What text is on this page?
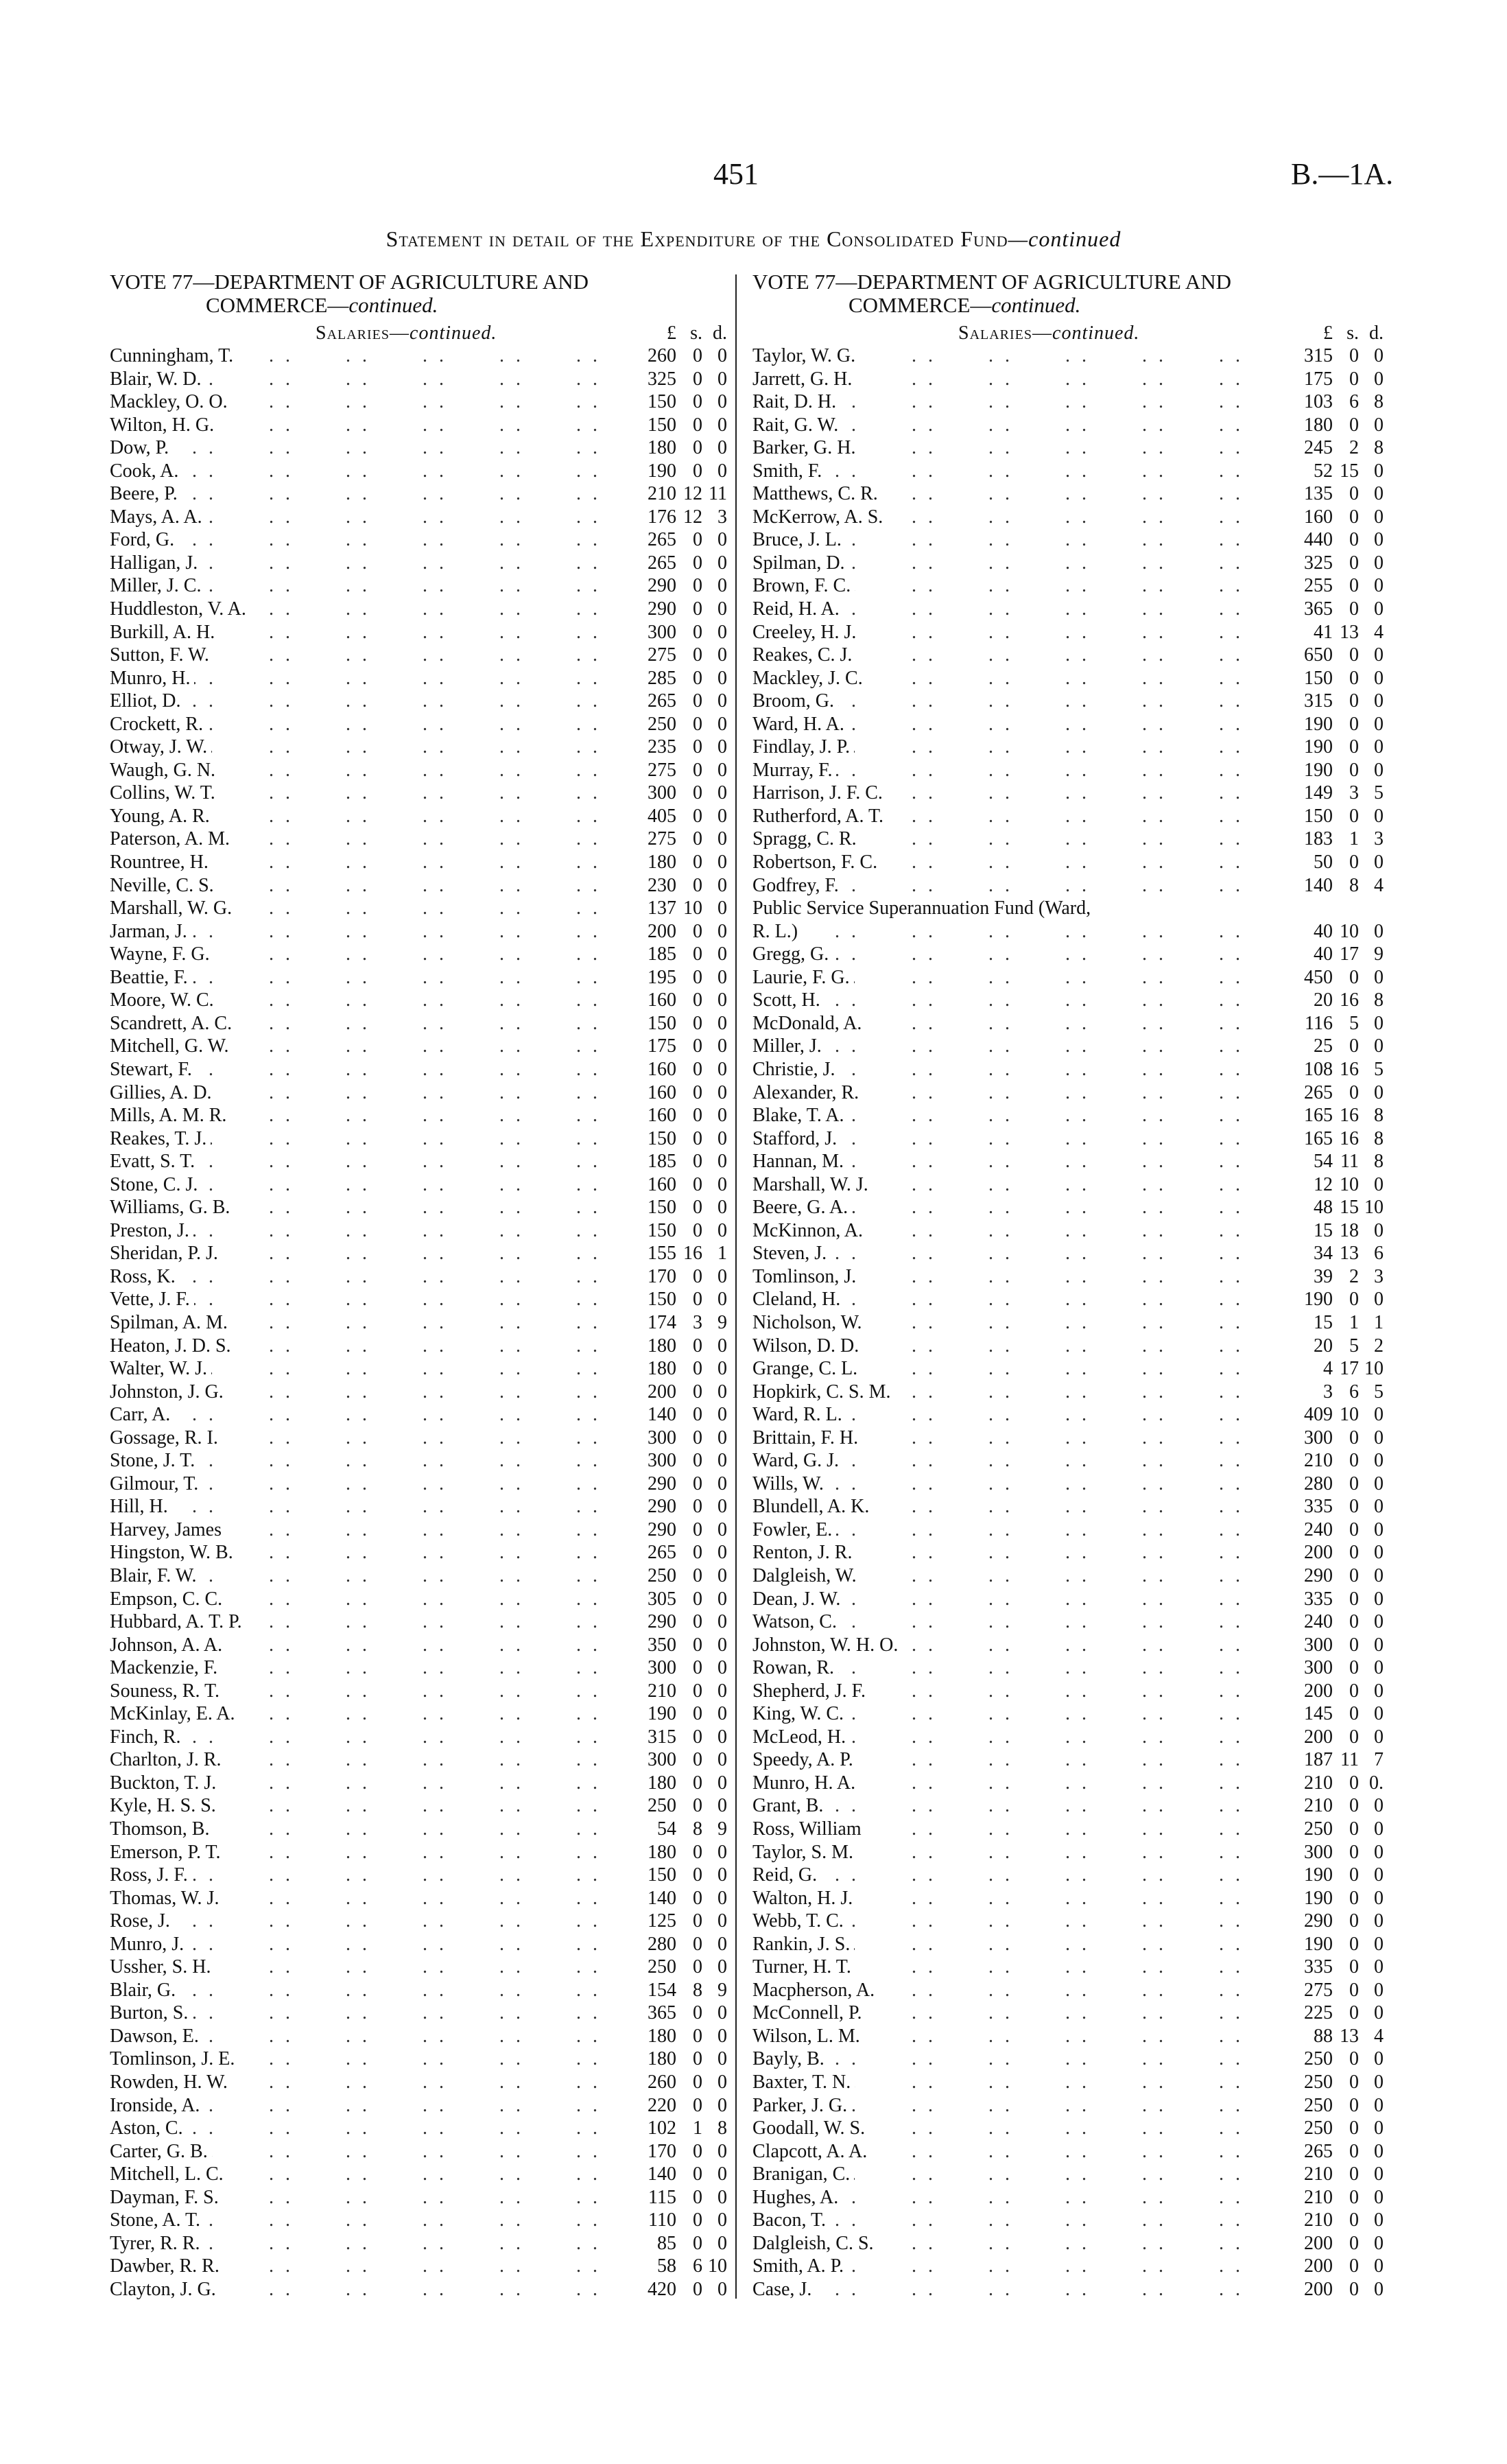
451	B.—1A.
Statement in detail of the Expenditure of the Consolidated Fund—continued
VOTE 77—DEPARTMENT OF AGRICULTURE AND
COMMERCE—continued.
Salaries—continued.	£ s. d.
Cunningham, T. . .	260 0 0
Blair, W. D. . .	325 0 0
Mackley, O. O. . .	150 0 0
Wilton, H. G. . .	150 0 0
Dow, P. . .	180 0 0
Cook, A. . .	190 0 0
Beere, P. . .	210 12 11
Mays, A. A. . .	176 12 3
Ford, G. . .	265 0 0
Halligan, J. . .	265 0 0
Miller, J. C. . .	290 0 0
Huddleston, V. A. . .	290 0 0
Burkill, A. H. . .	300 0 0
Sutton, F. W. . .	275 0 0
Munro, H. . .	285 0 0
Elliot, D. . .	265 0 0
Crockett, R. . .	250 0 0
Otway, J. W. . .	235 0 0
Waugh, G. N. . .	275 0 0
Collins, W. T. . .	300 0 0
Young, A. R. . .	405 0 0
Paterson, A. M. . .	275 0 0
Rountree, H. . .	180 0 0
Neville, C. S. . .	230 0 0
Marshall, W. G. . .	137 10 0
Jarman, J. . .	200 0 0
Wayne, F. G. . .	185 0 0
Beattie, F. . .	195 0 0
Moore, W. C. . .	160 0 0
Scandrett, A. C. . .	150 0 0
Mitchell, G. W. . .	175 0 0
Stewart, F. . .	160 0 0
Gillies, A. D. . .	160 0 0
Mills, A. M. R. . .	160 0 0
Reakes, T. J. . .	150 0 0
Evatt, S. T. . .	185 0 0
Stone, C. J. . .	160 0 0
Williams, G. B. . .	150 0 0
Preston, J. . .	150 0 0
Sheridan, P. J. . .	155 16 1
Ross, K. . .	170 0 0
Vette, J. F. . .	150 0 0
Spilman, A. M. . .	174 3 9
Heaton, J. D. S. . .	180 0 0
Walter, W. J. . .	180 0 0
Johnston, J. G. . .	200 0 0
Carr, A. . .	140 0 0
Gossage, R. I. . .	300 0 0
Stone, J. T. . .	300 0 0
Gilmour, T. . .	290 0 0
Hill, H. . .	290 0 0
Harvey, James . .	290 0 0
Hingston, W. B. . .	265 0 0
Blair, F. W. . .	250 0 0
Empson, C. C. . .	305 0 0
Hubbard, A. T. P. . .	290 0 0
Johnson, A. A. . .	350 0 0
Mackenzie, F. . .	300 0 0
Souness, R. T. . .	210 0 0
McKinlay, E. A. . .	190 0 0
Finch, R. . .	315 0 0
Charlton, J. R. . .	300 0 0
Buckton, T. J. . .	180 0 0
Kyle, H. S. S. . .	250 0 0
Thomson, B. . .	54 8 9
Emerson, P. T. . .	180 0 0
Ross, J. F. . .	150 0 0
Thomas, W. J. . .	140 0 0
Rose, J. . .	125 0 0
Munro, J. . .	280 0 0
Ussher, S. H. . .	250 0 0
Blair, G. . .	154 8 9
Burton, S. . .	365 0 0
Dawson, E. . .	180 0 0
Tomlinson, J. E. . .	180 0 0
Rowden, H. W. . .	260 0 0
Ironside, A. . .	220 0 0
Aston, C. . .	102 1 8
Carter, G. B. . .	170 0 0
Mitchell, L. C. . .	140 0 0
Dayman, F. S. . .	115 0 0
Stone, A. T. . .	110 0 0
Tyrer, R. R. . .	85 0 0
Dawber, R. R. . .	58 6 10
Clayton, J. G. . .	420 0 0
VOTE 77—DEPARTMENT OF AGRICULTURE AND
COMMERCE—continued.
Salaries—continued.	£ s. d.
Taylor, W. G. . .	315 0 0
Jarrett, G. H. . .	175 0 0
Rait, D. H. . .	103 6 8
Rait, G. W. . .	180 0 0
Barker, G. H. . .	245 2 8
Smith, F. . .	52 15 0
Matthews, C. R. . .	135 0 0
McKerrow, A. S. . .	160 0 0
Bruce, J. L. . .	440 0 0
Spilman, D. . .	325 0 0
Brown, F. C. . .	255 0 0
Reid, H. A. . .	365 0 0
Creeley, H. J. . .	41 13 4
Reakes, C. J. . .	650 0 0
Mackley, J. C. . .	150 0 0
Broom, G. . .	315 0 0
Ward, H. A. . .	190 0 0
Findlay, J. P. . .	190 0 0
Murray, F. . .	190 0 0
Harrison, J. F. C. . .	149 3 5
Rutherford, A. T. . .	150 0 0
Spragg, C. R. . .	183 1 3
Robertson, F. C. . .	50 0 0
Godfrey, F. . .	140 8 4
Public Service Superannuation Fund (Ward,
R. L.) . .	40 10 0
Gregg, G. . .	40 17 9
Laurie, F. G. . .	450 0 0
Scott, H. . .	20 16 8
McDonald, A. . .	116 5 0
Miller, J. . .	25 0 0
Christie, J. . .	108 16 5
Alexander, R. . .	265 0 0
Blake, T. A. . .	165 16 8
Stafford, J. . .	165 16 8
Hannan, M. . .	54 11 8
Marshall, W. J. . .	12 10 0
Beere, G. A. . .	48 15 10
McKinnon, A. . .	15 18 0
Steven, J. . .	34 13 6
Tomlinson, J. . .	39 2 3
Cleland, H. . .	190 0 0
Nicholson, W. . .	15 1 1
Wilson, D. D. . .	20 5 2
Grange, C. L. . .	4 17 10
Hopkirk, C. S. M. . .	3 6 5
Ward, R. L. . .	409 10 0
Brittain, F. H. . .	300 0 0
Ward, G. J. . .	210 0 0
Wills, W. . .	280 0 0
Blundell, A. K. . .	335 0 0
Fowler, E. . .	240 0 0
Renton, J. R. . .	200 0 0
Dalgleish, W. . .	290 0 0
Dean, J. W. . .	335 0 0
Watson, C. . .	240 0 0
Johnston, W. H. O. . .	300 0 0
Rowan, R. . .	300 0 0
Shepherd, J. F. . .	200 0 0
King, W. C. . .	145 0 0
McLeod, H. . .	200 0 0
Speedy, A. P. . .	187 11 7
Munro, H. A. . .	210 0 0.
Grant, B. . .	210 0 0
Ross, William . .	250 0 0
Taylor, S. M. . .	300 0 0
Reid, G. . .	190 0 0
Walton, H. J. . .	190 0 0
Webb, T. C. . .	290 0 0
Rankin, J. S. . .	190 0 0
Turner, H. T. . .	335 0 0
Macpherson, A. . .	275 0 0
McConnell, P. . .	225 0 0
Wilson, L. M. . .	88 13 4
Bayly, B. . .	250 0 0
Baxter, T. N. . .	250 0 0
Parker, J. G. . .	250 0 0
Goodall, W. S. . .	250 0 0
Clapcott, A. A. . .	265 0 0
Branigan, C. . .	210 0 0
Hughes, A. . .	210 0 0
Bacon, T. . .	210 0 0
Dalgleish, C. S. . .	200 0 0
Smith, A. P. . .	200 0 0
Case, J. . .	200 0 0
